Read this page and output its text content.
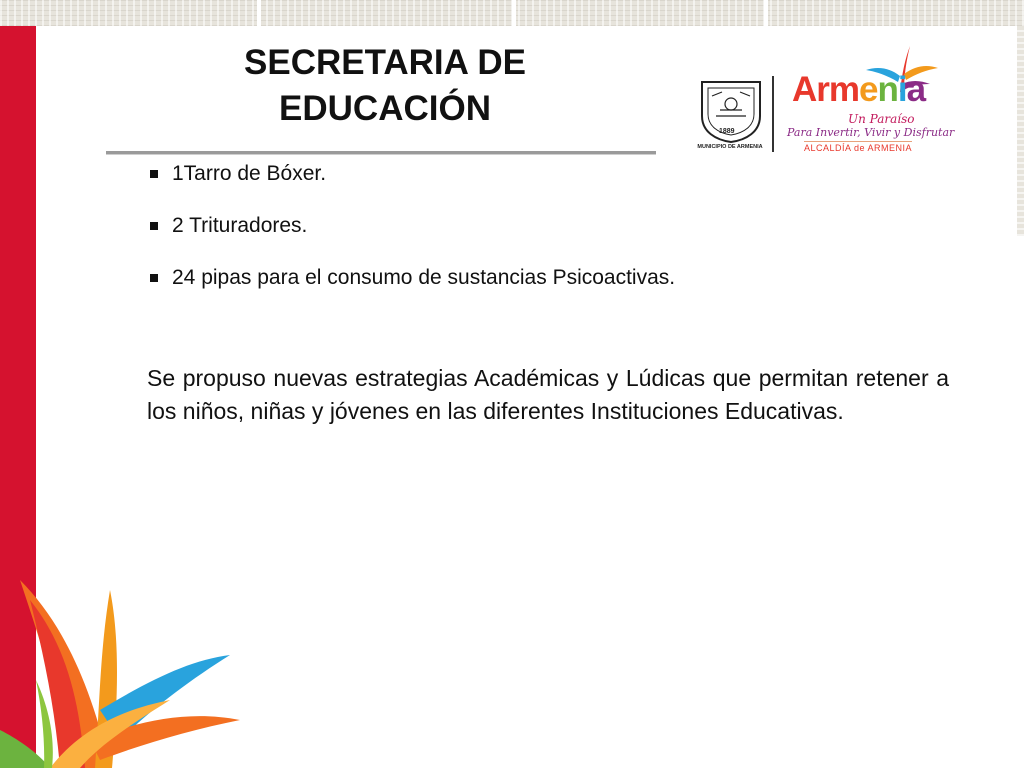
SECRETARIA DE
EDUCACIÓN
1889
MUNICIPIO DE ARMENIA
Armenia
Un Paraíso
Para Invertir, Vivir y Disfrutar
ALCALDÍA de ARMENIA
1Tarro de Bóxer.
2 Trituradores.
24 pipas para el consumo de sustancias Psicoactivas.

Se propuso nuevas estrategias Académicas y Lúdicas que permitan retener a los niños, niñas y jóvenes en las diferentes Instituciones Educativas.
